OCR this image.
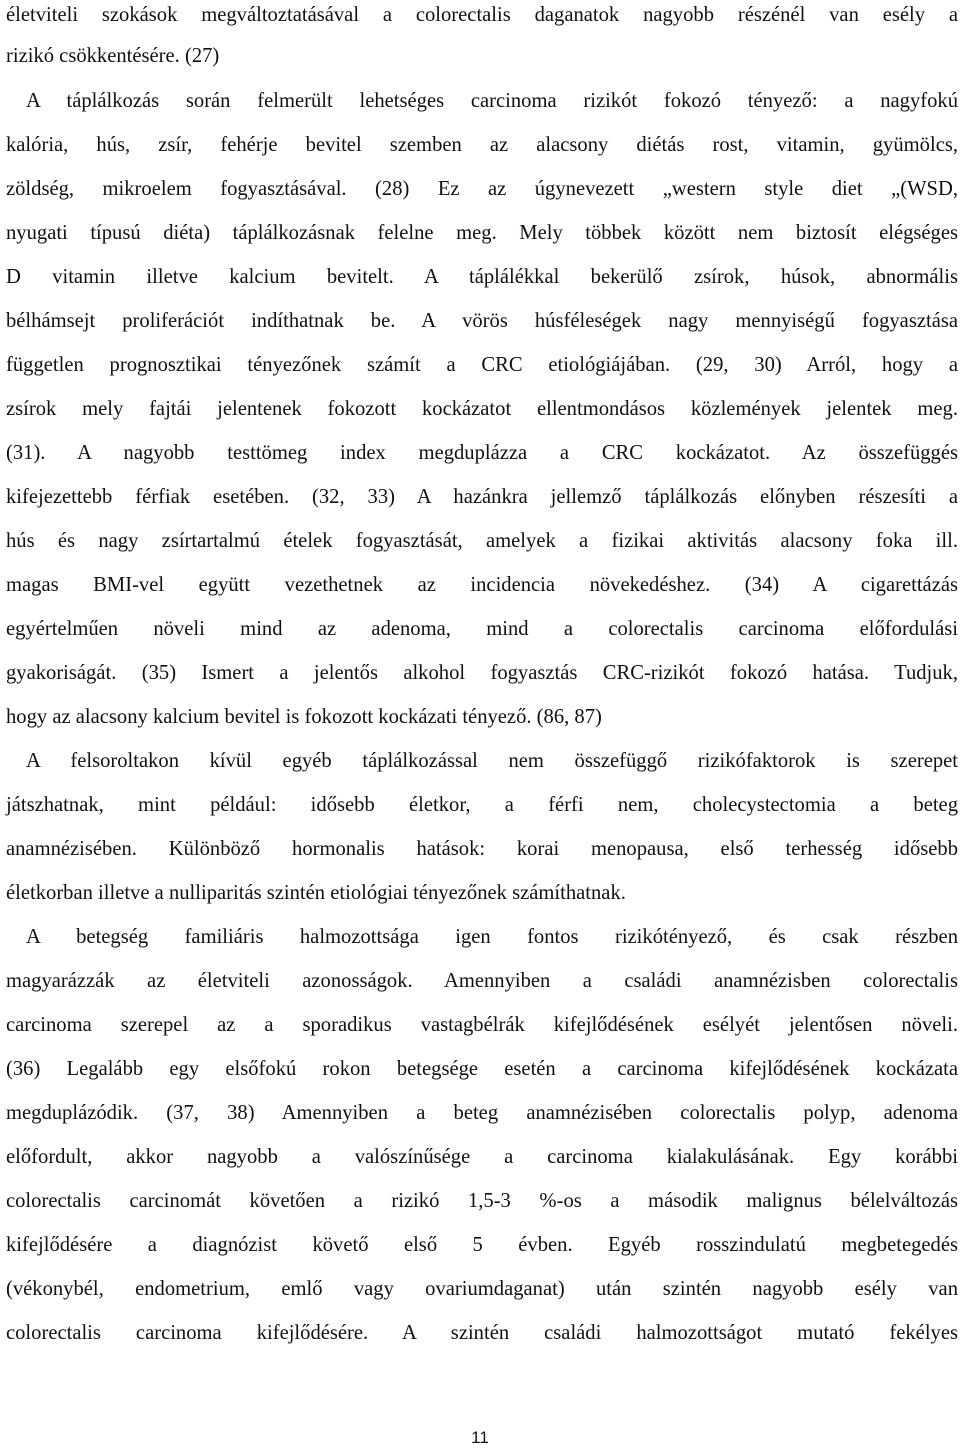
életviteli szokások megváltoztatásával a colorectalis daganatok nagyobb részénél van esély a
rizikó csökkentésére. (27)
A táplálkozás során felmerült lehetséges carcinoma rizikót fokozó tényező: a nagyfokú
kalória, hús, zsír, fehérje bevitel szemben az alacsony diétás rost, vitamin, gyümölcs,
zöldség, mikroelem fogyasztásával. (28) Ez az úgynevezett „western style diet „(WSD,
nyugati típusú diéta) táplálkozásnak felelne meg. Mely többek között nem biztosít elégséges
D vitamin illetve kalcium bevitelt. A táplálékkal bekerülő zsírok, húsok, abnormális
bélhámsejt proliferációt indíthatnak be. A vörös húsféleségek nagy mennyiségű fogyasztása
független prognosztikai tényezőnek számít a CRC etiológiájában. (29, 30) Arról, hogy a
zsírok mely fajtái jelentenek fokozott kockázatot ellentmondásos közlemények jelentek meg.
(31). A nagyobb testtömeg index megduplázza a CRC kockázatot. Az összefüggés
kifejezettebb férfiak esetében. (32, 33) A hazánkra jellemző táplálkozás előnyben részesíti a
hús és nagy zsírtartalmú ételek fogyasztását, amelyek a fizikai aktivitás alacsony foka ill.
magas BMI-vel együtt vezethetnek az incidencia növekedéshez. (34) A cigarettázás
egyértelműen növeli mind az adenoma, mind a colorectalis carcinoma előfordulási
gyakoriságát. (35) Ismert a jelentős alkohol fogyasztás CRC-rizikót fokozó hatása. Tudjuk,
hogy az alacsony kalcium bevitel is fokozott kockázati tényező. (86, 87)
A felsoroltakon kívül egyéb táplálkozással nem összefüggő rizikófaktorok is szerepet
játszhatnak, mint például: idősebb életkor, a férfi nem, cholecystectomia a beteg
anamnézisében. Különböző hormonalis hatások: korai menopausa, első terhesség idősebb
életkorban illetve a nulliparitás szintén etiológiai tényezőnek számíthatnak.
A betegség familiáris halmozottsága igen fontos rizikótényező, és csak részben
magyarázzák az életviteli azonosságok. Amennyiben a családi anamnézisben colorectalis
carcinoma szerepel az a sporadikus vastagbélrák kifejlődésének esélyét jelentősen növeli.
(36) Legalább egy elsőfokú rokon betegsége esetén a carcinoma kifejlődésének kockázata
megduplázódik. (37, 38) Amennyiben a beteg anamnézisében colorectalis polyp, adenoma
előfordult, akkor nagyobb a valószínűsége a carcinoma kialakulásának. Egy korábbi
colorectalis carcinomát követően a rizikó 1,5-3 %-os a második malignus bélelváltozás
kifejlődésére a diagnózist követő első 5 évben. Egyéb rosszindulatú megbetegedés
(vékonybél, endometrium, emlő vagy ovariumdaganat) után szintén nagyobb esély van
colorectalis carcinoma kifejlődésére. A szintén családi halmozottságot mutató fekélyes
11
